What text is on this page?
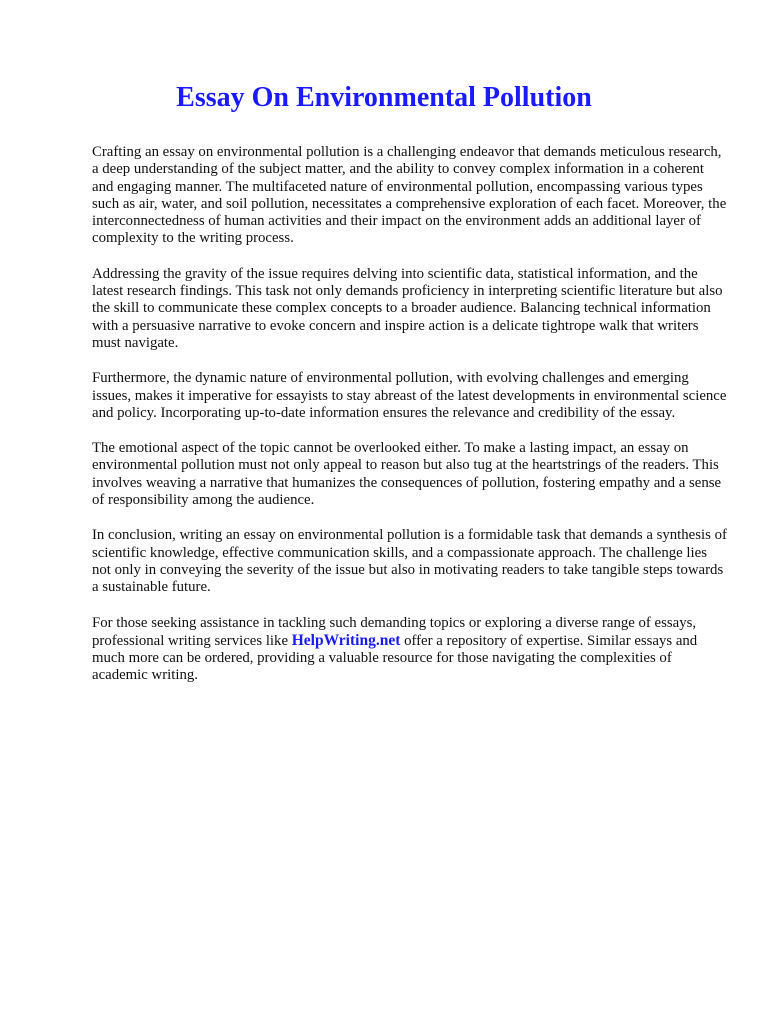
Essay On Environmental Pollution

Crafting an essay on environmental pollution is a challenging endeavor that demands meticulous research, a deep understanding of the subject matter, and the ability to convey complex information in a coherent and engaging manner. The multifaceted nature of environmental pollution, encompassing various types such as air, water, and soil pollution, necessitates a comprehensive exploration of each facet. Moreover, the interconnectedness of human activities and their impact on the environment adds an additional layer of complexity to the writing process.

Addressing the gravity of the issue requires delving into scientific data, statistical information, and the latest research findings. This task not only demands proficiency in interpreting scientific literature but also the skill to communicate these complex concepts to a broader audience. Balancing technical information with a persuasive narrative to evoke concern and inspire action is a delicate tightrope walk that writers must navigate.

Furthermore, the dynamic nature of environmental pollution, with evolving challenges and emerging issues, makes it imperative for essayists to stay abreast of the latest developments in environmental science and policy. Incorporating up-to-date information ensures the relevance and credibility of the essay.

The emotional aspect of the topic cannot be overlooked either. To make a lasting impact, an essay on environmental pollution must not only appeal to reason but also tug at the heartstrings of the readers. This involves weaving a narrative that humanizes the consequences of pollution, fostering empathy and a sense of responsibility among the audience.

In conclusion, writing an essay on environmental pollution is a formidable task that demands a synthesis of scientific knowledge, effective communication skills, and a compassionate approach. The challenge lies not only in conveying the severity of the issue but also in motivating readers to take tangible steps towards a sustainable future.

For those seeking assistance in tackling such demanding topics or exploring a diverse range of essays, professional writing services like HelpWriting.net offer a repository of expertise. Similar essays and much more can be ordered, providing a valuable resource for those navigating the complexities of academic writing.
